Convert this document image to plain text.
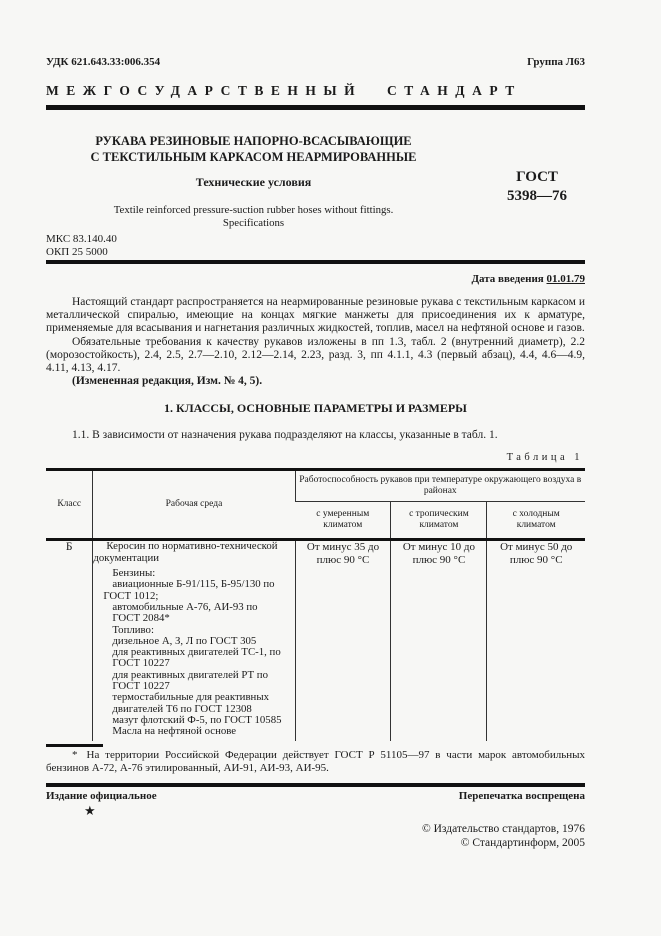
УДК 621.643.33:006.354	Группа Л63
МЕЖГОСУДАРСТВЕННЫЙ СТАНДАРТ
РУКАВА РЕЗИНОВЫЕ НАПОРНО-ВСАСЫВАЮЩИЕ
С ТЕКСТИЛЬНЫМ КАРКАСОМ НЕАРМИРОВАННЫЕ
Технические условия
Textile reinforced pressure-suction rubber hoses without fittings.
Specifications
ГОСТ
5398—76
МКС 83.140.40
ОКП 25 5000
Дата введения 01.01.79

Настоящий стандарт распространяется на неармированные резиновые рукава с текстильным каркасом и металлической спиралью, имеющие на концах мягкие манжеты для присоединения их к арматуре, применяемые для всасывания и нагнетания различных жидкостей, топлив, масел на нефтяной основе и газов.

Обязательные требования к качеству рукавов изложены в пп 1.3, табл. 2 (внутренний диаметр), 2.2 (морозостойкость), 2.4, 2.5, 2.7—2.10, 2.12—2.14, 2.23, разд. 3, пп 4.1.1, 4.3 (первый абзац), 4.4, 4.6—4.9, 4.11, 4.13, 4.17.

(Измененная редакция, Изм. № 4, 5).

1. КЛАССЫ, ОСНОВНЫЕ ПАРАМЕТРЫ И РАЗМЕРЫ
1.1. В зависимости от назначения рукава подразделяют на классы, указанные в табл. 1.
Таблица 1
Класс	Рабочая среда	Работоспособность рукавов при температуре окружающего воздуха в районах		
		с умеренным климатом	с тропическим климатом	с холодным климатом
Б	Керосин по нормативно-технической
документации
Бензины:
авиационные Б-91/115, Б-95/130 по
ГОСТ 1012;
автомобильные А-76, АИ-93 по
ГОСТ 2084*
Топливо:
дизельное А, З, Л по ГОСТ 305
для реактивных двигателей ТС-1, по
ГОСТ 10227
для реактивных двигателей РТ по
ГОСТ 10227
термостабильные для реактивных
двигателей Т6 по ГОСТ 12308
мазут флотский Ф-5, по ГОСТ 10585
Масла на нефтяной основе
	От минус 35 до плюс 90 °С	От минус 10 до плюс 90 °С	От минус 50 до плюс 90 °С

* На территории Российской Федерации действует ГОСТ Р 51105—97 в части марок автомобильных бензинов А-72, А-76 этилированный, АИ-91, АИ-93, АИ-95.

Издание официальное	Перепечатка воспрещена
★
© Издательство стандартов, 1976
© Стандартинформ, 2005
